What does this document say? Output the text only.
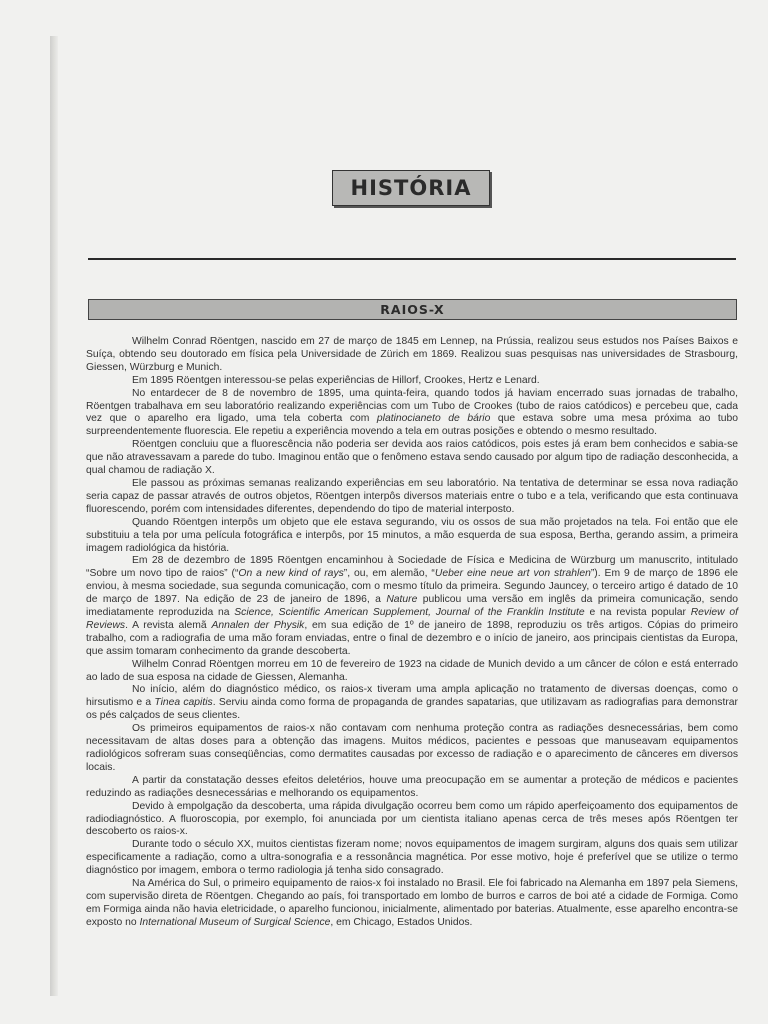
HISTÓRIA
RAIOS-X

Wilhelm Conrad Röentgen, nascido em 27 de março de 1845 em Lennep, na Prússia, realizou seus estudos nos Países Baixos e Suíça, obtendo seu doutorado em física pela Universidade de Zürich em 1869. Realizou suas pesquisas nas universidades de Strasbourg, Giessen, Würzburg e Munich.

Em 1895 Röentgen interessou-se pelas experiências de Hillorf, Crookes, Hertz e Lenard.

No entardecer de 8 de novembro de 1895, uma quinta-feira, quando todos já haviam encerrado suas jornadas de trabalho, Röentgen trabalhava em seu laboratório realizando experiências com um Tubo de Crookes (tubo de raios catódicos) e percebeu que, cada vez que o aparelho era ligado, uma tela coberta com platinocianeto de bário que estava sobre uma mesa próxima ao tubo surpreendentemente fluorescia. Ele repetiu a experiência movendo a tela em outras posições e obtendo o mesmo resultado.

Röentgen concluiu que a fluorescência não poderia ser devida aos raios catódicos, pois estes já eram bem conhecidos e sabia-se que não atravessavam a parede do tubo. Imaginou então que o fenômeno estava sendo causado por algum tipo de radiação desconhecida, a qual chamou de radiação X.

Ele passou as próximas semanas realizando experiências em seu laboratório. Na tentativa de determinar se essa nova radiação seria capaz de passar através de outros objetos, Röentgen interpôs diversos materiais entre o tubo e a tela, verificando que esta continuava fluorescendo, porém com intensidades diferentes, dependendo do tipo de material interposto.

Quando Röentgen interpôs um objeto que ele estava segurando, viu os ossos de sua mão projetados na tela. Foi então que ele substituiu a tela por uma película fotográfica e interpôs, por 15 minutos, a mão esquerda de sua esposa, Bertha, gerando assim, a primeira imagem radiológica da história.

Em 28 de dezembro de 1895 Röentgen encaminhou à Sociedade de Física e Medicina de Würzburg um manuscrito, intitulado “Sobre um novo tipo de raios” (“On a new kind of rays”, ou, em alemão, “Ueber eine neue art von strahlen”). Em 9 de março de 1896 ele enviou, à mesma sociedade, sua segunda comunicação, com o mesmo título da primeira. Segundo Jauncey, o terceiro artigo é datado de 10 de março de 1897. Na edição de 23 de janeiro de 1896, a Nature publicou uma versão em inglês da primeira comunicação, sendo imediatamente reproduzida na Science, Scientific American Supplement, Journal of the Franklin Institute e na revista popular Review of Reviews. A revista alemã Annalen der Physik, em sua edição de 1º de janeiro de 1898, reproduziu os três artigos. Cópias do primeiro trabalho, com a radiografia de uma mão foram enviadas, entre o final de dezembro e o início de janeiro, aos principais cientistas da Europa, que assim tomaram conhecimento da grande descoberta.

Wilhelm Conrad Röentgen morreu em 10 de fevereiro de 1923 na cidade de Munich devido a um câncer de cólon e está enterrado ao lado de sua esposa na cidade de Giessen, Alemanha.

No início, além do diagnóstico médico, os raios-x tiveram uma ampla aplicação no tratamento de diversas doenças, como o hirsutismo e a Tinea capitis. Serviu ainda como forma de propaganda de grandes sapatarias, que utilizavam as radiografias para demonstrar os pés calçados de seus clientes.

Os primeiros equipamentos de raios-x não contavam com nenhuma proteção contra as radiações desnecessárias, bem como necessitavam de altas doses para a obtenção das imagens. Muitos médicos, pacientes e pessoas que manuseavam equipamentos radiológicos sofreram suas conseqüências, como dermatites causadas por excesso de radiação e o aparecimento de cânceres em diversos locais.

A partir da constatação desses efeitos deletérios, houve uma preocupação em se aumentar a proteção de médicos e pacientes reduzindo as radiações desnecessárias e melhorando os equipamentos.

Devido à empolgação da descoberta, uma rápida divulgação ocorreu bem como um rápido aperfeiçoamento dos equipamentos de radiodiagnóstico. A fluoroscopia, por exemplo, foi anunciada por um cientista italiano apenas cerca de três meses após Röentgen ter descoberto os raios-x.

Durante todo o século XX, muitos cientistas fizeram nome; novos equipamentos de imagem surgiram, alguns dos quais sem utilizar especificamente a radiação, como a ultra-sonografia e a ressonância magnética. Por esse motivo, hoje é preferível que se utilize o termo diagnóstico por imagem, embora o termo radiologia já tenha sido consagrado.

Na América do Sul, o primeiro equipamento de raios-x foi instalado no Brasil. Ele foi fabricado na Alemanha em 1897 pela Siemens, com supervisão direta de Röentgen. Chegando ao país, foi transportado em lombo de burros e carros de boi até a cidade de Formiga. Como em Formiga ainda não havia eletricidade, o aparelho funcionou, inicialmente, alimentado por baterias. Atualmente, esse aparelho encontra-se exposto no International Museum of Surgical Science, em Chicago, Estados Unidos.
